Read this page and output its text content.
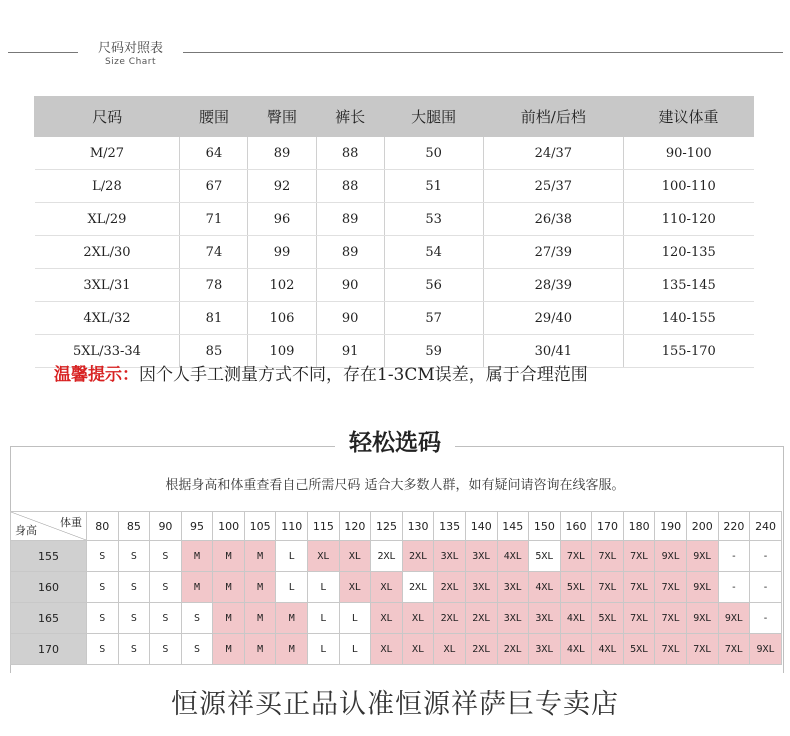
尺码对照表
Size Chart
尺码	腰围	臀围	裤长	大腿围	前档/后档	建议体重
M/27	64	89	88	50	24/37	90-100
L/28	67	92	88	51	25/37	100-110
XL/29	71	96	89	53	26/38	110-120
2XL/30	74	99	89	54	27/39	120-135
3XL/31	78	102	90	56	28/39	135-145
4XL/32	81	106	90	57	29/40	140-155
5XL/33-34	85	109	91	59	30/41	155-170
温馨提示：因个人手工测量方式不同，存在1-3CM误差，属于合理范围
轻松选码
根据身高和体重查看自己所需尺码 适合大多数人群，如有疑问请咨询在线客服。
体重
身高	80	85	90	95	100	105	110	115	120	125	130	135	140	145	150	160	170	180	190	200	220	240
155	S	S	S	M	M	M	L	XL	XL	2XL	2XL	3XL	3XL	4XL	5XL	7XL	7XL	7XL	9XL	9XL	-	-
160	S	S	S	M	M	M	L	L	XL	XL	2XL	2XL	3XL	3XL	4XL	5XL	7XL	7XL	7XL	9XL	-	-
165	S	S	S	S	M	M	M	L	L	XL	XL	2XL	2XL	3XL	3XL	4XL	5XL	7XL	7XL	9XL	9XL	-
170	S	S	S	S	M	M	M	L	L	XL	XL	XL	2XL	2XL	3XL	4XL	4XL	5XL	7XL	7XL	7XL	9XL
恒源祥买正品认准恒源祥萨巨专卖店
